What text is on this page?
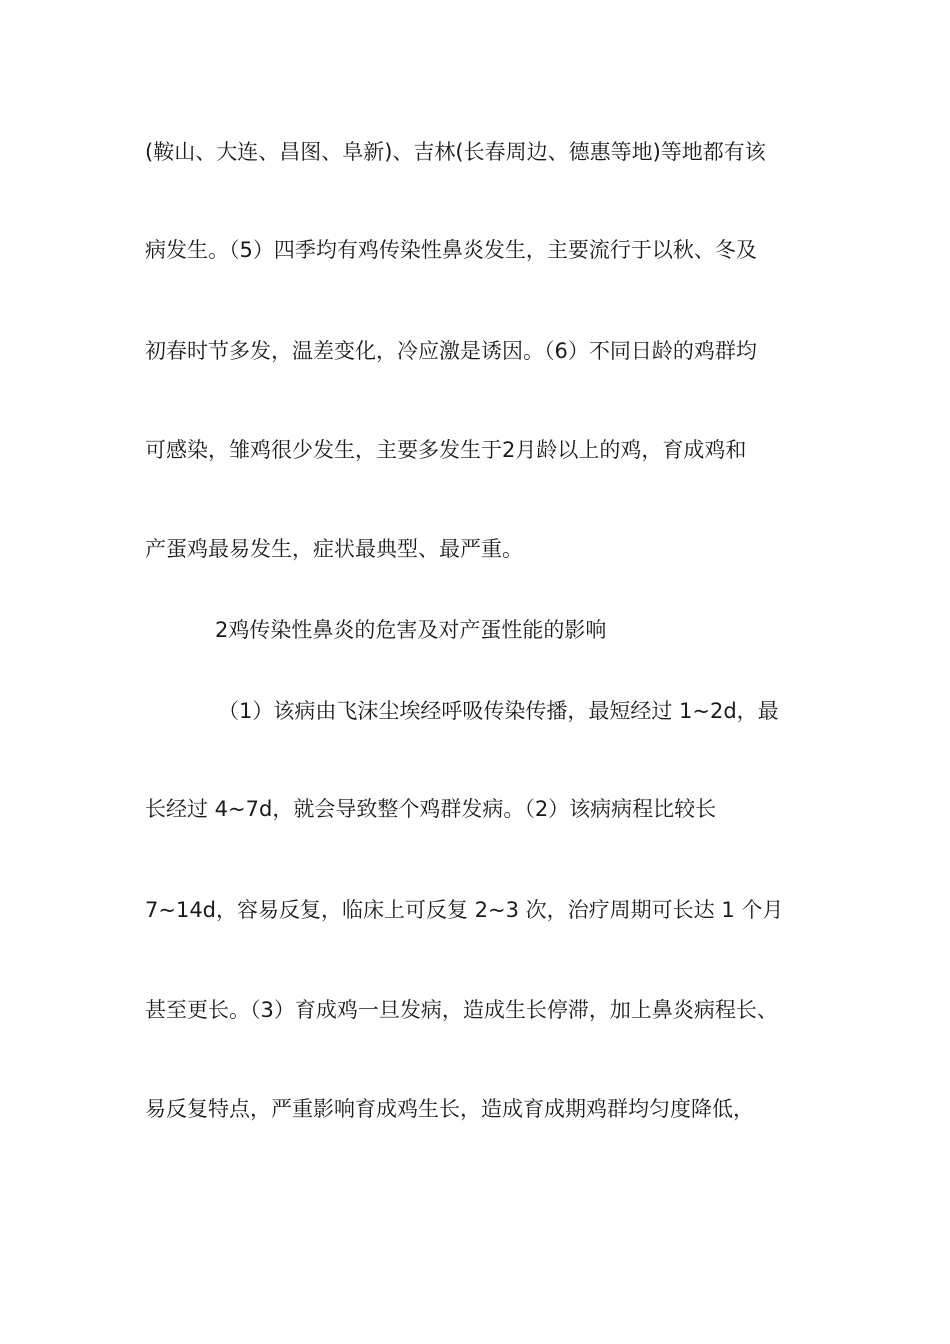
(鞍山、大连、昌图、阜新)、吉林(长春周边、德惠等地)等地都有该

病发生。（5）四季均有鸡传染性鼻炎发生，主要流行于以秋、冬及

初春时节多发，温差变化，冷应激是诱因。（6）不同日龄的鸡群均

可感染，雏鸡很少发生，主要多发生于2月龄以上的鸡，育成鸡和

产蛋鸡最易发生，症状最典型、最严重。

2鸡传染性鼻炎的危害及对产蛋性能的影响

（1）该病由飞沫尘埃经呼吸传染传播，最短经过 1~2d，最

长经过 4~7d，就会导致整个鸡群发病。（2）该病病程比较长

7~14d，容易反复，临床上可反复 2~3 次，治疗周期可长达 1 个月

甚至更长。（3）育成鸡一旦发病，造成生长停滞，加上鼻炎病程长、

易反复特点，严重影响育成鸡生长，造成育成期鸡群均匀度降低，
